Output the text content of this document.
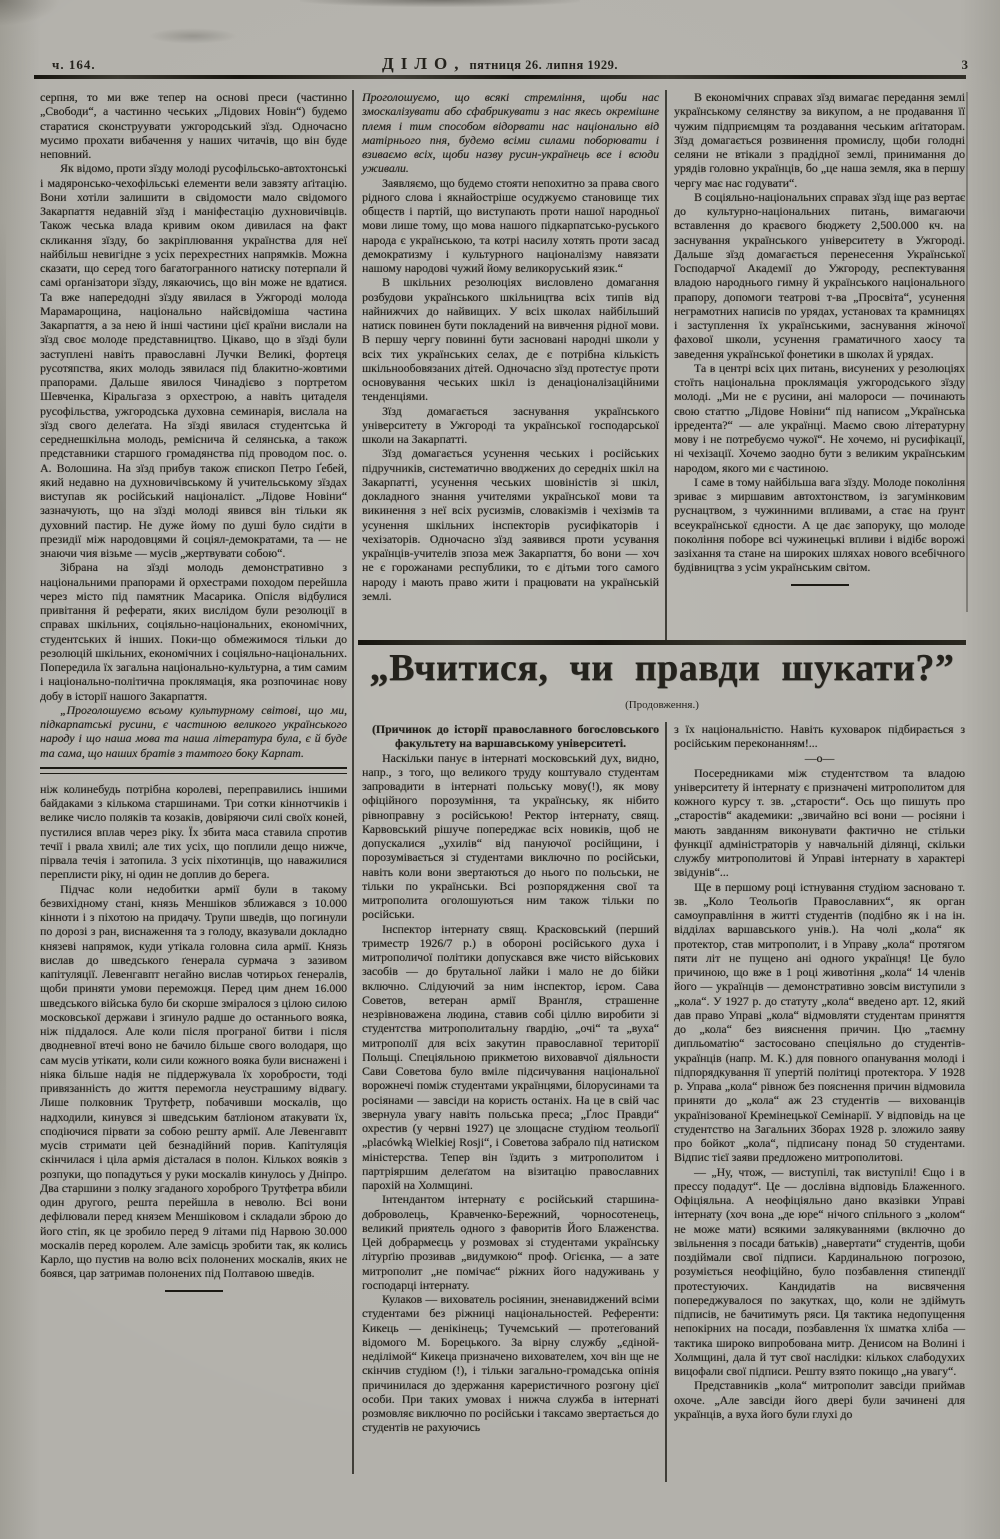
ч. 164.	ДІЛО, пятниця 26. липня 1929.	3

серпня, то ми вже тепер на основі преси (частинно „Свободи“, а частинно чеських „Лідових Новін“) будемо старатися сконструувати ужгородський зїзд. Одночасно мусимо прохати вибачення у наших читачів, що він буде неповний.

Як відомо, проти зїзду молоді русофільсько-автохтонські і мадяронсько-чехофільські елементи вели завзяту аґітацію. Вони хотіли залишити в свідомости мало свідомого Закарпаття недавній зїзд і маніфестацію духновичівців. Також чеська влада кривим оком дивилася на факт скликання зїзду, бо закріплювання українства для неї найбільш невигідне з усіх перехрестних напрямків. Можна сказати, що серед того багатогранного натиску потерпали й самі орґанізатори зїзду, лякаючись, що він може не вдатися. Та вже напередодні зїзду явилася в Ужгороді молода Марамарощина, національно найсвідоміша частина Закарпаття, а за нею й інші частини цієї країни вислали на зїзд своє молоде представництво. Цікаво, що в зїзді були заступлені навіть православні Лучки Великі, фортеця русотяпства, яких молодь зявилася під блакитно-жовтими прапорами. Дальше явилося Чинадієво з портретом Шевченка, Кіральгаза з орхестрою, а навіть цитаделя русофільства, ужгородська духовна семинарія, вислала на зїзд свого делеґата. На зїзді явилася студентська й середнешкільна молодь, реміснича й селянська, а також представники старшого громадянства під проводом пос. о. А. Волошина. На зїзд прибув також єпископ Петро Ґебей, який недавно на духновичівському й учительському зїздах виступав як російський націоналіст. „Лідове Новіни“ зазначують, що на зїзді молоді явився він тільки як духовний пастир. Не дуже йому по душі було сидіти в президії між народовцями й соціял-демократами, та — не знаючи чия візьме — мусів „жертвувати собою“.

Зібрана на зїзді молодь демонстративно з національними прапорами й орхестрами походом перейшла через місто під памятник Масарика. Опісля відбулися привітання й реферати, яких вислідом були резолюції в справах шкільних, соціяльно-національних, економічних, студентських й інших. Поки-що обмежимося тільки до резолюцій шкільних, економічних і соціяльно-національних. Попередила їх загальна національно-культурна, а тим самим і національно-політична проклямація, яка розпочинає нову добу в історії нашого Закарпаття.

„Проголошуємо всьому культурному світові, що ми, підкарпатські русини, є частиною великого українського народу і що наша мова та наша література була, є й буде та сама, що наших братів з тамтого боку Карпат.

ніж колинебудь потрібна королеві, переправились іншими байдаками з кількома старшинами. Три сотки кіннотчиків і велике число поляків та козаків, довіряючи силі своїх коней, пустилися вплав через ріку. Їх збита маса ставила спротив течії і рвала хвилі; але тих усіх, що поплили дещо нижче, пірвала течія і затопила. З усіх піхотинців, що наважилися переплисти ріку, ні один не доплив до берега.

Підчас коли недобитки армії були в такому безвихідному стані, князь Меншіков зближався з 10.000 кінноти і з піхотою на придачу. Трупи шведів, що погинули по дорозі з ран, виснаження та з голоду, вказували докладно князеві напрямок, куди утікала головна сила армії. Князь вислав до шведського ґенерала сурмача з зазивом капітуляції. Левенгавпт негайно вислав чотирьох ґенералів, щоби приняти умови переможця. Перед цим днем 16.000 шведського війська було би скорше зміралося з цілою силою московської держави і згинуло радше до останнього вояка, ніж піддалося. Але коли після програної битви і після дводневної втечі воно не бачило більше свого володаря, що сам мусів утікати, коли сили кожного вояка були виснажені і ніяка більше надія не піддержувала їх хоробрости, тоді привязанність до життя перемогла неустрашиму відвагу. Лише полковник Трутфетр, побачивши москалів, що надходили, кинувся зі шведським батліоном атакувати їх, сподіючися пірвати за собою решту армії. Але Левенгавпт мусів стримати цей безнадійний порив. Капітуляція скінчилася і ціла армія дісталася в полон. Кількох вояків з розпуки, що попадуться у руки москалів кинулось у Дніпро. Два старшини з полку згаданого хороброго Трутфетра вбили один другого, решта перейшла в неволю. Всі вони дефілювали перед князем Меншіковом і складали зброю до його стіп, як це зробило перед 9 літами під Нарвою 30.000 москалів перед королем. Але замісць зробити так, як колись Карло, що пустив на волю всіх полонених москалів, яких не боявся, цар затримав полонених під Полтавою шведів.

Проголошуємо, що всякі стремління, щоби нас змоскалізувати або сфабрикувати з нас якесь окремішне племя і тим способом відорвати нас національно від матірнього пня, будемо всіми силами поборювати і взиваємо всіх, щоби назву русин-українець все і всюди уживали.

Заявляємо, що будемо стояти непохитно за права свого рідного слова і якнайостріше осуджуємо становище тих обществ і партій, що виступають проти нашої народньої мови лише тому, що мова нашого підкарпатсько-руського народа є українською, та котрі насилу хотять проти засад демократизму і культурного націоналізму навязати нашому народові чужий йому великоруський язик.“

В шкільних резолюціях висловлено домагання розбудови українського шкільництва всіх типів від найнижчих до найвищих. У всіх школах найбільший натиск повинен бути покладений на вивчення рідної мови. В першу чергу повинні бути засновані народні школи у всіх тих українських селах, де є потрібна кількість шкільнообовязаних дітей. Одночасно зїзд протестує проти основування чеських шкіл із денаціоналізаційними тенденціями.

Зїзд домагається заснування українського університету в Ужгороді та української господарської школи на Закарпатті.

Зїзд домагається усунення чеських і російських підручників, систематично вводжених до середніх шкіл на Закарпатті, усунення чеських шовіністів зі шкіл, докладного знання учителями української мови та викинення з неї всіх русизмів, словакізмів і чехізмів та усунення шкільних інспекторів русифікаторів і чехізаторів. Одночасно зїзд заявився проти усування українців-учителів зпоза меж Закарпаття, бо вони — хоч не є горожанами республики, то є дітьми того самого народу і мають право жити і працювати на українській землі.

В економічних справах зїзд вимагає передання землі українському селянству за викупом, а не продавання її чужим підприємцям та роздавання чеським аґітаторам. Зїзд домагається розвинення промислу, щоби голодні селяни не втікали з прадідної землі, принимання до урядів головно українців, бо „це наша земля, яка в першу чергу має нас годувати“.

В соціяльно-національних справах зїзд іще раз вертає до культурно-національних питань, вимагаючи вставлення до краєвого бюджету 2,500.000 кч. на заснування українського університету в Ужгороді. Дальше зїзд домагається перенесення Української Господарчої Академії до Ужгороду, респектування владою народнього гимну й українського національного прапору, допомоги театрові т-ва „Просвіта“, усунення неграмотних написів по урядах, установах та крамницях і заступлення їх українськими, заснування жіночої фахової школи, усунення граматичного хаосу та заведення української фонетики в школах й урядах.

Та в центрі всіх цих питань, висунених у резолюціях стоїть національна проклямація ужгородського зїзду молоді. „Ми не є русини, ані малороси — починають свою статтю „Лідове Новіни“ під написом „Українська ірредента?“ — але українці. Маємо свою літературну мову і не потребуємо чужої“. Не хочемо, ні русифікації, ні чехізації. Хочемо заодно бути з великим українським народом, якого ми є частиною.

І саме в тому найбільша вага зїзду. Молоде покоління зриває з миршавим автохтонством, із загумінковим руснацтвом, з чужинними впливами, а стає на ґрунт всеукраїнської єдности. А це дає запоруку, що молоде покоління поборе всі чужинецькі впливи і відібє ворожі зазіхання та стане на широких шляхах нового всебічного будівництва з усім українським світом.

„Вчитися, чи правди шукати?”
(Продовження.)

(Причинок до історії православного богословського факультету на варшавському університеті.

Наскільки панує в інтернаті московський дух, видно, напр., з того, що великого труду коштувало студентам запровадити в інтернаті польську мову(!), як мову офіційного порозуміння, та українську, як нібито рівноправну з російською! Ректор інтернату, свящ. Карвовський рішуче попереджає всіх новиків, щоб не допускалися „ухилів“ від пануючої російщини, і порозумівається зі студентами виключно по російськи, навіть коли вони звертаються до нього по польськи, не тільки по українськи. Всі розпорядження свої та митрополита оголошуються ним також тільки по російськи.

Інспектор інтернату свящ. Красковський (перший триместр 1926/7 р.) в обороні російського духа і митрополичої політики допускався вже чисто військових засобів — до брутальної лайки і мало не до бійки включно. Слідуючий за ним інспектор, ієром. Сава Советов, ветеран армії Вранґля, страшенне незрівноважена людина, ставив собі ціллю виробити зі студентства митрополитальну ґвардію, „очі“ та „вуха“ митрополії для всіх закутин православної території Польщі. Спеціяльною прикметою виховавчої діяльности Сави Советова було вміле підсичування національної ворожнечі поміж студентами українцями, білорусинами та росіянами — завсіди на користь останіх. На це в свій час звернула увагу навіть польська преса; „Ґлос Правди“ охрестив (у червні 1927) це злощасне студіюм теольоґії „placówką Wielkiej Rosji“, і Советова забрало під натиском міністерства. Тепер він їздить з митрополитом і партріяршим делеґатом на візитацію православних парохій на Холмщині.

Інтендантом інтернату є російський старшина-доброволець, Кравченко-Бережний, чорносотенець, великий приятель одного з фаворитів Його Блаженства. Цей добрармеєць у розмовах зі студентами українську літурґію прозивав „видумкою“ проф. Огієнка, — а зате митрополит „не помічає“ ріжних його надуживань у господарці інтернату.

Кулаков — вихователь росіянин, зненавиджений всіми студентами без ріжниці національностей. Референти: Кикець — денікінець; Тучемський — протеґований відомого М. Борецького. За вірну службу „єдіной-неділімой“ Кикеца призначено вихователем, хоч він ще не скінчив студіюм (!), і тільки загально-громадська опінія причинилася до здержання кареристичного розгону цієї особи. При таких умовах і нижча служба в інтернаті розмовляє виключно по російськи і таксамо звертається до студентів не рахуючись

з їх національністю. Навіть куховарок підбирається з російським переконанням!...

—о—

Посередниками між студентством та владою університету й інтернату є призначені митрополитом для кожного курсу т. зв. „старости“. Ось що пишуть про „старостів“ академики: „звичайно всі вони — росіяни і мають завданням виконувати фактично не стільки функції адміністраторів у навчальній ділянці, скільки службу митрополитові й Управі інтернату в характері звідунів“...

Ще в першому році істнування студіюм засновано т. зв. „Коло Теольоґів Православних“, як орган самоуправління в житті студентів (подібно як і на ін. відділах варшавського унів.). На чолі „кола“ як протектор, став митрополит, і в Управу „кола“ протягом пяти літ не пущено ані одного українця! Це було причиною, що вже в 1 році животіння „кола“ 14 членів його — українців — демонстративно зовсім виступили з „кола“. У 1927 р. до статуту „кола“ введено арт. 12, який дав право Управі „кола“ відмовляти студентам приняття до „кола“ без вияснення причин. Цю „таємну дипльоматію“ застосовано спеціяльно до студентів-українців (напр. М. К.) для повного опанування молоді і підпорядкування її упертій політиці протектора. У 1928 р. Управа „кола“ рівнож без пояснення причин відмовила приняти до „кола“ аж 23 студентів — вихованців українізованої Кремінецької Семінарії. У відповідь на це студентство на Загальних Зборах 1928 р. зложило заяву про бойкот „кола“, підписану понад 50 студентами. Відпис тієї заяви предложено митрополитові.

— „Ну, чтож, — виступілі, так виступілі! Єщо і в прессу подадут“. Це — дослівна відповідь Блаженного. Офіціяльна. А неофіціяльно дано вказівки Управі інтернату (хоч вона „де юре“ нічого спільного з „колом“ не може мати) всякими залякуваннями (включно до звільнення з посади батьків) „навертати“ студентів, щоби поздіймали свої підписи. Кардинальною погрозою, розуміється неофіційно, було позбавлення стипендії протестуючих. Кандидатів на висвячення попереджувалося по закутках, що, коли не здіймуть підписів, не бачитимуть ряси. Ця тактика недопущення непокірних на посади, позбавлення їх шматка хліба — тактика широко випробована митр. Денисом на Волині і Холмщині, дала й тут свої наслідки: кількох слабодухих вицофали свої підписи. Решту взято покищо „на увагу“.

Представників „кола“ митрополит завсіди приймав охоче. „Але завсіди його двері були зачинені для українців, а вуха його були глухі до
